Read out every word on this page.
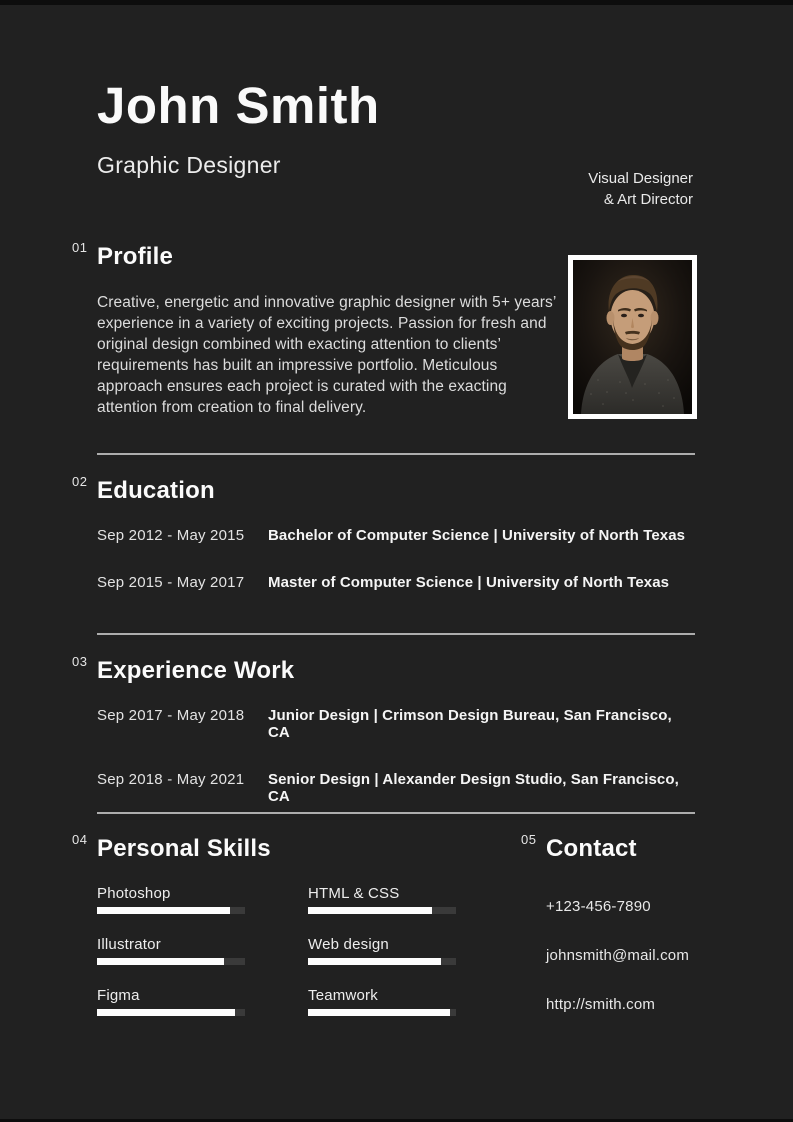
John Smith
Graphic Designer
Visual Designer
& Art Director
01 Profile

Creative, energetic and innovative graphic designer with 5+ years’ experience in a variety of exciting projects. Passion for fresh and original design combined with exacting attention to clients’ requirements has built an impressive portfolio. Meticulous approach ensures each project is curated with the exacting attention from creation to final delivery.

02 Education
Sep 2012 - May 2015	Bachelor of Computer Science | University of North Texas
Sep 2015 - May 2017	Master of Computer Science | University of North Texas
03 Experience Work
Sep 2017 - May 2018	Junior Design | Crimson Design Bureau, San Francisco, CA
Sep 2018 - May 2021	Senior Design | Alexander Design Studio, San Francisco, CA
04 Personal Skills
Photoshop	HTML & CSS
Illustrator	Web design
Figma	Teamwork
05 Contact
+123-456-7890
johnsmith@mail.com
http://smith.com
